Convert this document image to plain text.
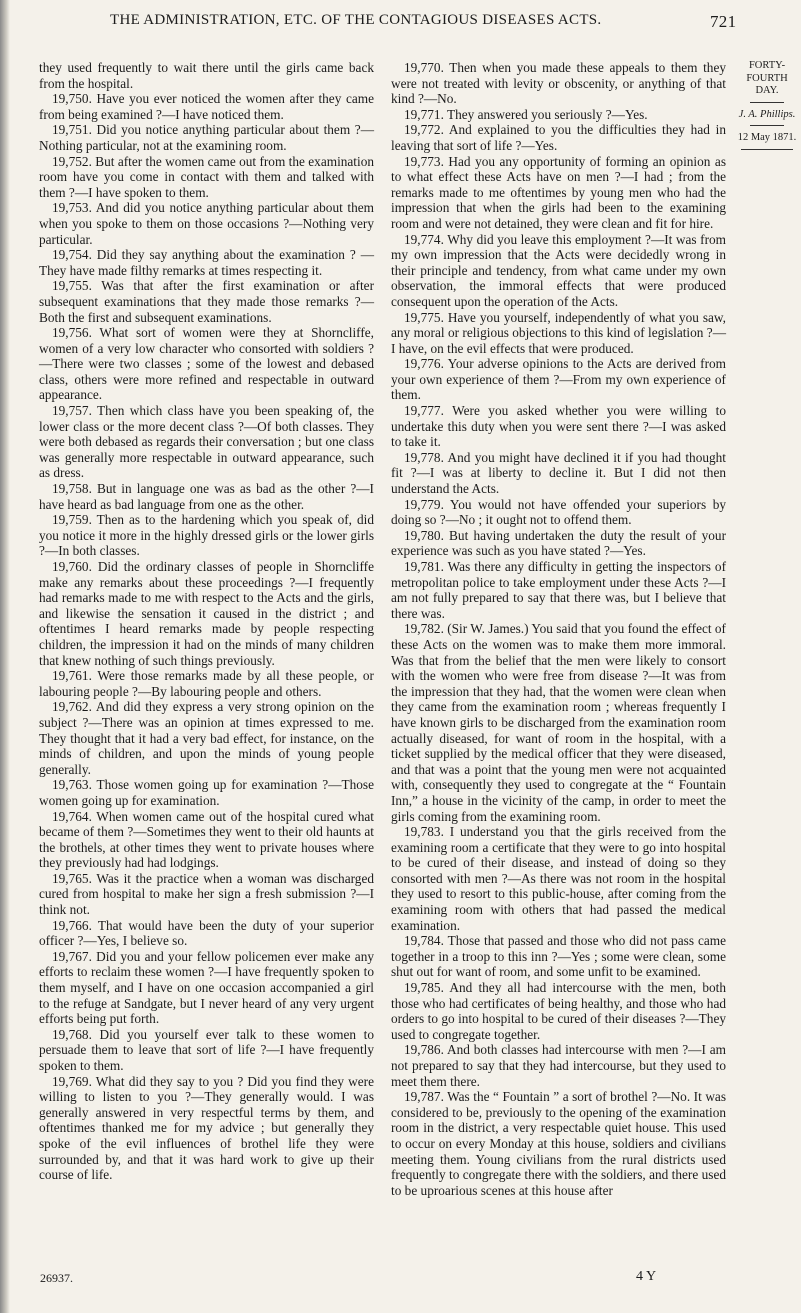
THE ADMINISTRATION, ETC. OF THE CONTAGIOUS DISEASES ACTS.	721

they used frequently to wait there until the girls came back from the hospital.

19,750. Have you ever noticed the women after they came from being examined ?—I have noticed them.

19,751. Did you notice anything particular about them ?—Nothing particular, not at the examining room.

19,752. But after the women came out from the examination room have you come in contact with them and talked with them ?—I have spoken to them.

19,753. And did you notice anything particular about them when you spoke to them on those occasions ?—Nothing very particular.

19,754. Did they say anything about the examination ? — They have made filthy remarks at times respecting it.

19,755. Was that after the first examination or after subsequent examinations that they made those remarks ?—Both the first and subsequent examinations.

19,756. What sort of women were they at Shorncliffe, women of a very low character who consorted with soldiers ?—There were two classes ; some of the lowest and debased class, others were more refined and respectable in outward appearance.

19,757. Then which class have you been speaking of, the lower class or the more decent class ?—Of both classes. They were both debased as regards their conversation ; but one class was generally more respectable in outward appearance, such as dress.

19,758. But in language one was as bad as the other ?—I have heard as bad language from one as the other.

19,759. Then as to the hardening which you speak of, did you notice it more in the highly dressed girls or the lower girls ?—In both classes.

19,760. Did the ordinary classes of people in Shorncliffe make any remarks about these proceedings ?—I frequently had remarks made to me with respect to the Acts and the girls, and likewise the sensation it caused in the district ; and oftentimes I heard remarks made by people respecting children, the impression it had on the minds of many children that knew nothing of such things previously.

19,761. Were those remarks made by all these people, or labouring people ?—By labouring people and others.

19,762. And did they express a very strong opinion on the subject ?—There was an opinion at times expressed to me. They thought that it had a very bad effect, for instance, on the minds of children, and upon the minds of young people generally.

19,763. Those women going up for examination ?—Those women going up for examination.

19,764. When women came out of the hospital cured what became of them ?—Sometimes they went to their old haunts at the brothels, at other times they went to private houses where they previously had had lodgings.

19,765. Was it the practice when a woman was discharged cured from hospital to make her sign a fresh submission ?—I think not.

19,766. That would have been the duty of your superior officer ?—Yes, I believe so.

19,767. Did you and your fellow policemen ever make any efforts to reclaim these women ?—I have frequently spoken to them myself, and I have on one occasion accompanied a girl to the refuge at Sandgate, but I never heard of any very urgent efforts being put forth.

19,768. Did you yourself ever talk to these women to persuade them to leave that sort of life ?—I have frequently spoken to them.

19,769. What did they say to you ? Did you find they were willing to listen to you ?—They generally would. I was generally answered in very respectful terms by them, and oftentimes thanked me for my advice ; but generally they spoke of the evil influences of brothel life they were surrounded by, and that it was hard work to give up their course of life.

19,770. Then when you made these appeals to them they were not treated with levity or obscenity, or anything of that kind ?—No.

19,771. They answered you seriously ?—Yes.

19,772. And explained to you the difficulties they had in leaving that sort of life ?—Yes.

19,773. Had you any opportunity of forming an opinion as to what effect these Acts have on men ?—I had ; from the remarks made to me oftentimes by young men who had the impression that when the girls had been to the examining room and were not detained, they were clean and fit for hire.

19,774. Why did you leave this employment ?—It was from my own impression that the Acts were decidedly wrong in their principle and tendency, from what came under my own observation, the immoral effects that were produced consequent upon the operation of the Acts.

19,775. Have you yourself, independently of what you saw, any moral or religious objections to this kind of legislation ?—I have, on the evil effects that were produced.

19,776. Your adverse opinions to the Acts are derived from your own experience of them ?—From my own experience of them.

19,777. Were you asked whether you were willing to undertake this duty when you were sent there ?—I was asked to take it.

19,778. And you might have declined it if you had thought fit ?—I was at liberty to decline it. But I did not then understand the Acts.

19,779. You would not have offended your superiors by doing so ?—No ; it ought not to offend them.

19,780. But having undertaken the duty the result of your experience was such as you have stated ?—Yes.

19,781. Was there any difficulty in getting the inspectors of metropolitan police to take employment under these Acts ?—I am not fully prepared to say that there was, but I believe that there was.

19,782. (Sir W. James.) You said that you found the effect of these Acts on the women was to make them more immoral. Was that from the belief that the men were likely to consort with the women who were free from disease ?—It was from the impression that they had, that the women were clean when they came from the examination room ; whereas frequently I have known girls to be discharged from the examination room actually diseased, for want of room in the hospital, with a ticket supplied by the medical officer that they were diseased, and that was a point that the young men were not acquainted with, consequently they used to congregate at the “ Fountain Inn,” a house in the vicinity of the camp, in order to meet the girls coming from the examining room.

19,783. I understand you that the girls received from the examining room a certificate that they were to go into hospital to be cured of their disease, and instead of doing so they consorted with men ?—As there was not room in the hospital they used to resort to this public-house, after coming from the examining room with others that had passed the medical examination.

19,784. Those that passed and those who did not pass came together in a troop to this inn ?—Yes ; some were clean, some shut out for want of room, and some unfit to be examined.

19,785. And they all had intercourse with the men, both those who had certificates of being healthy, and those who had orders to go into hospital to be cured of their diseases ?—They used to congregate together.

19,786. And both classes had intercourse with men ?—I am not prepared to say that they had intercourse, but they used to meet them there.

19,787. Was the “ Fountain ” a sort of brothel ?—No. It was considered to be, previously to the opening of the examination room in the district, a very respectable quiet house. This used to occur on every Monday at this house, soldiers and civilians meeting them. Young civilians from the rural districts used frequently to congregate there with the soldiers, and there used to be uproarious scenes at this house after

FORTY-
FOURTH DAY.
J. A. Phillips.
12 May 1871.
26937.	4 Y
